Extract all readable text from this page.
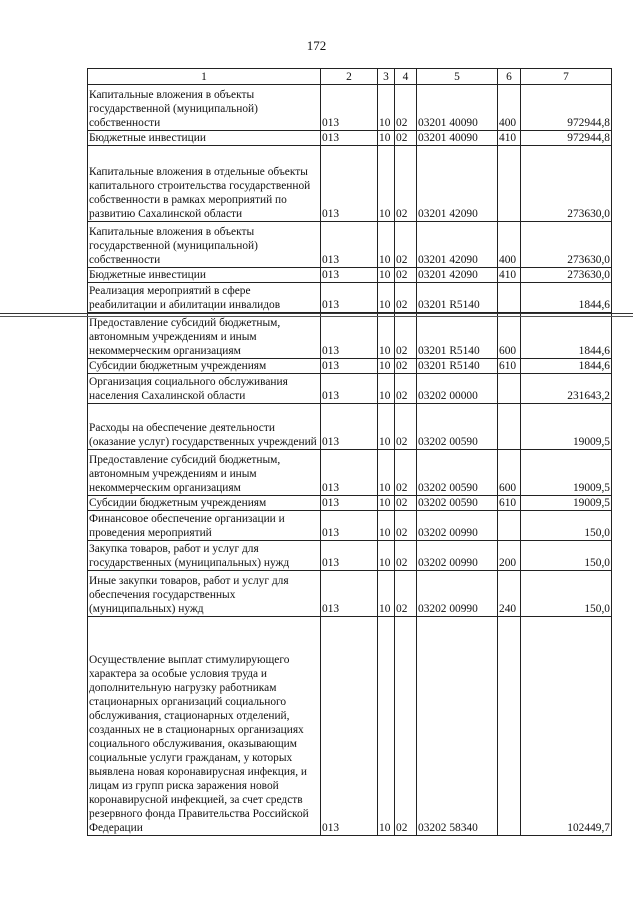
172
1	2	3	4	5	6	7
Капитальные вложения в объекты государственной (муниципальной) собственности	013	10	02	03201 40090	400	972944,8
Бюджетные инвестиции	013	10	02	03201 40090	410	972944,8
Капитальные вложения в отдельные объекты капитального строительства государственной собственности в рамках мероприятий по развитию Сахалинской области	013	10	02	03201 42090		273630,0
Капитальные вложения в объекты государственной (муниципальной) собственности	013	10	02	03201 42090	400	273630,0
Бюджетные инвестиции	013	10	02	03201 42090	410	273630,0
Реализация мероприятий в сфере реабилитации и абилитации инвалидов	013	10	02	03201 R5140		1844,6
Предоставление субсидий бюджетным, автономным учреждениям и иным некоммерческим организациям	013	10	02	03201 R5140	600	1844,6
Субсидии бюджетным учреждениям	013	10	02	03201 R5140	610	1844,6
Организация социального обслуживания населения Сахалинской области	013	10	02	03202 00000		231643,2
Расходы на обеспечение деятельности (оказание услуг) государственных учреждений	013	10	02	03202 00590		19009,5
Предоставление субсидий бюджетным, автономным учреждениям и иным некоммерческим организациям	013	10	02	03202 00590	600	19009,5
Субсидии бюджетным учреждениям	013	10	02	03202 00590	610	19009,5
Финансовое обеспечение организации и проведения мероприятий	013	10	02	03202 00990		150,0
Закупка товаров, работ и услуг для государственных (муниципальных) нужд	013	10	02	03202 00990	200	150,0
Иные закупки товаров, работ и услуг для обеспечения государственных (муниципальных) нужд	013	10	02	03202 00990	240	150,0
Осуществление выплат стимулирующего характера за особые условия труда и дополнительную нагрузку работникам стационарных организаций социального обслуживания, стационарных отделений, созданных не в стационарных организациях социального обслуживания, оказывающим социальные услуги гражданам, у которых выявлена новая коронавирусная инфекция, и лицам из групп риска заражения новой коронавирусной инфекцией, за счет средств резервного фонда Правительства Российской Федерации	013	10	02	03202 58340		102449,7
